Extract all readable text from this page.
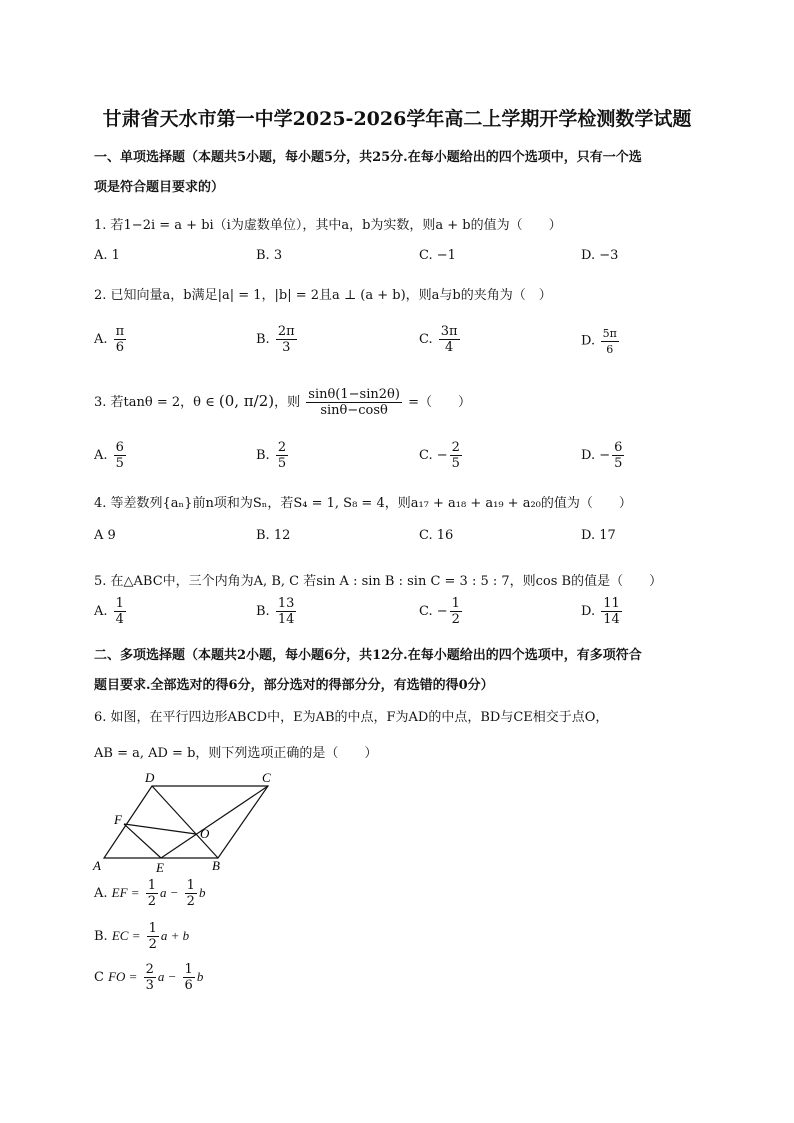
甘肃省天水市第一中学2025-2026学年高二上学期开学检测数学试题
一、单项选择题（本题共5小题，每小题5分，共25分.在每小题给出的四个选项中，只有一个选
项是符合题目要求的）
1. 若1−2i = a + bi（i为虚数单位），其中a，b为实数，则a + b的值为（　　）
A. 1	B. 3	C. −1	D. −3
2. 已知向量a，b满足|a| = 1，|b| = 2且a ⊥ (a + b)，则a与b的夹角为（　）
A. $\frac{\pi}{6}$	B. $\frac{2\pi}{3}$	C. $\frac{3\pi}{4}$	D. $\frac{5\pi}{6}$
3. 若tanθ = 2，θ ∈ (0, π/2)，则 $\frac{\sin\theta(1-\sin 2\theta)}{\sin\theta-\cos\theta}$ =（　　）
A. $\frac{6}{5}$	B. $\frac{2}{5}$	C. − $\frac{2}{5}$	D. − $\frac{6}{5}$
4. 等差数列{aₙ}前n项和为Sₙ，若S₄ = 1, S₈ = 4，则a₁₇ + a₁₈ + a₁₉ + a₂₀的值为（　　）
A 9	B. 12	C. 16	D. 17
5. 在△ABC中，三个内角为A, B, C 若sin A : sin B : sin C = 3 : 5 : 7，则cos B的值是（　　）
A. $\frac{1}{4}$	B. $\frac{13}{14}$	C. − $\frac{1}{2}$	D. $\frac{11}{14}$
二、多项选择题（本题共2小题，每小题6分，共12分.在每小题给出的四个选项中，有多项符合
题目要求.全部选对的得6分，部分选对的得部分分，有选错的得0分）
6. 如图，在平行四边形ABCD中，E为AB的中点，F为AD的中点，BD与CE相交于点O，
AB = a, AD = b，则下列选项正确的是（　　）
A	B
C
D
E
F
O
A. EF = $\frac{1}{2}$ $a - \frac{1}{2}$ b
B. EC = $\frac{1}{2}$ a + b
C FO = $\frac{2}{3}$ $a - \frac{1}{6}$ b
